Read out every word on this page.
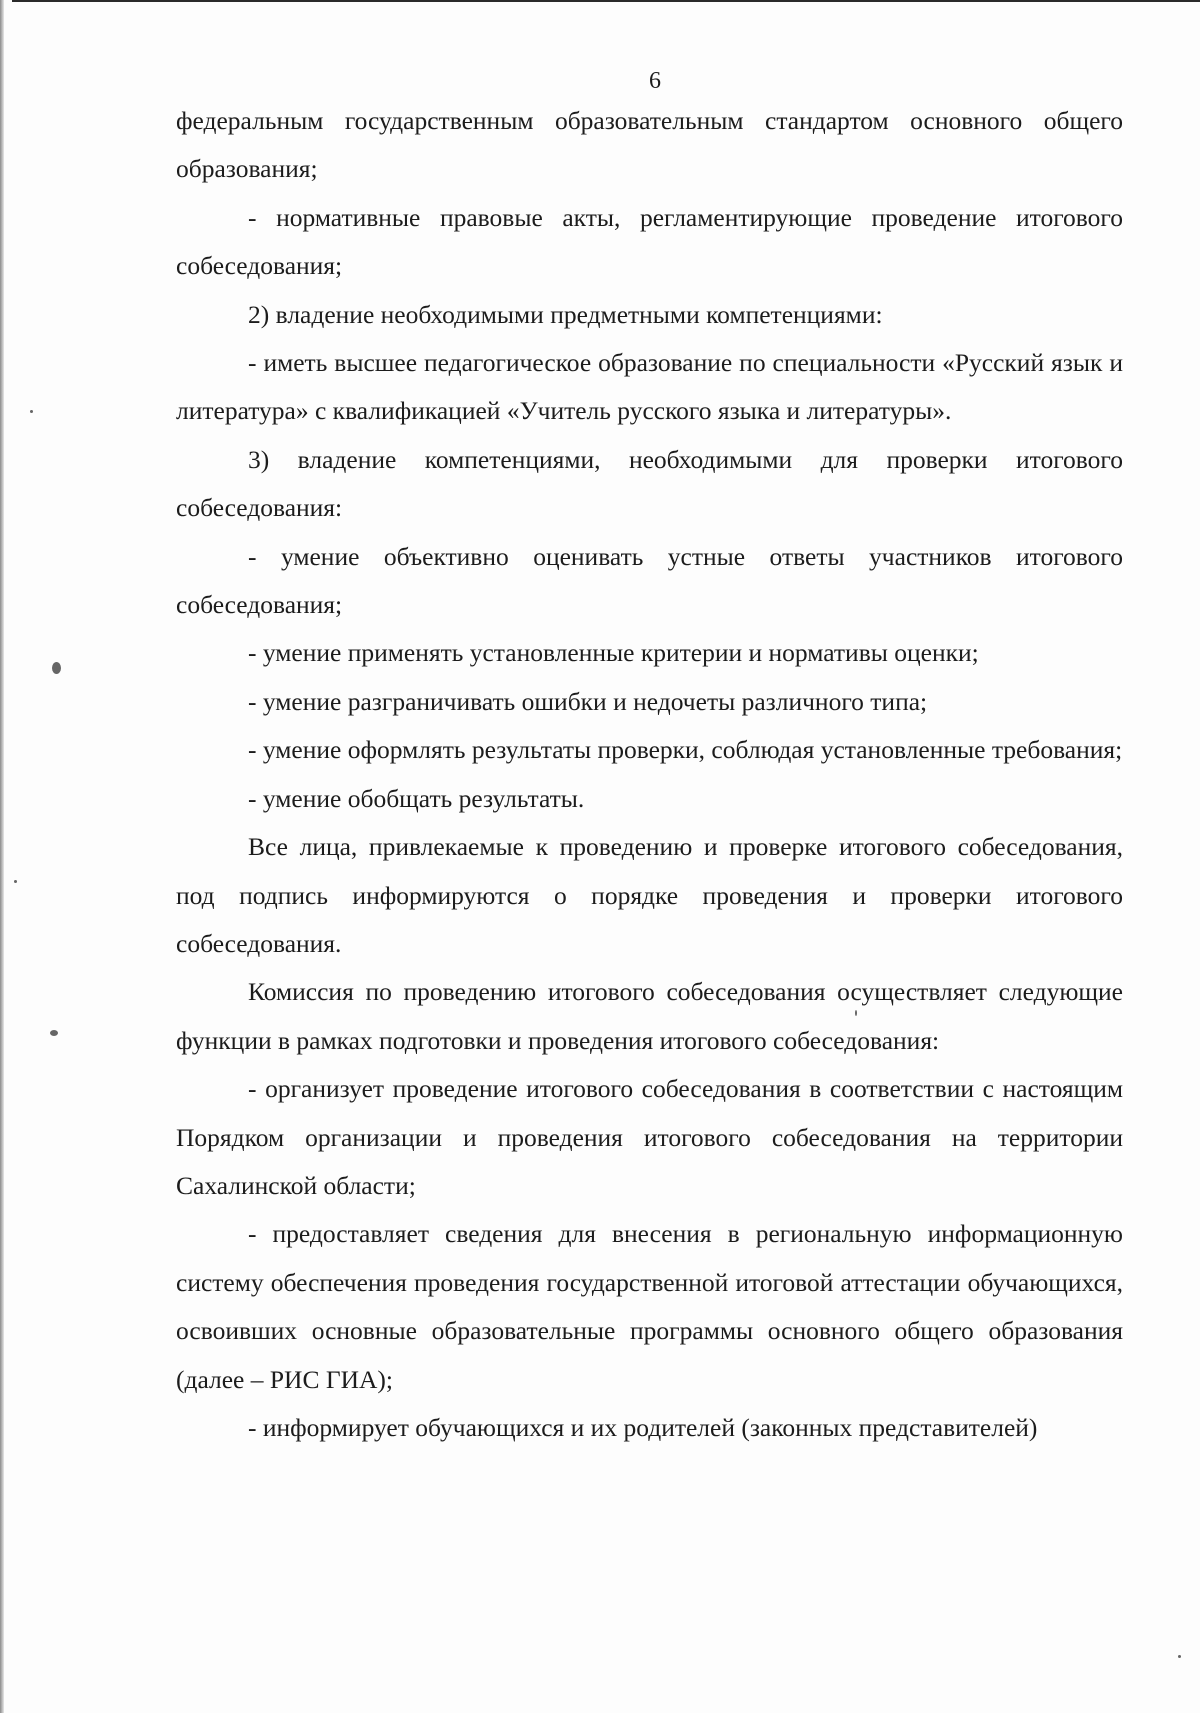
6

федеральным государственным образовательным стандартом основного общего образования;

- нормативные правовые акты, регламентирующие проведение итогового собеседования;

2) владение необходимыми предметными компетенциями:

- иметь высшее педагогическое образование по специальности «Русский язык и литература» с квалификацией «Учитель русского языка и литературы».

3) владение компетенциями, необходимыми для проверки итогового собеседования:

- умение объективно оценивать устные ответы участников итогового собеседования;

- умение применять установленные критерии и нормативы оценки;

- умение разграничивать ошибки и недочеты различного типа;

- умение оформлять результаты проверки, соблюдая установленные требования;

- умение обобщать результаты.

Все лица, привлекаемые к проведению и проверке итогового собеседования, под подпись информируются о порядке проведения и проверки итогового собеседования.

Комиссия по проведению итогового собеседования осуществляет следующие функции в рамках подготовки и проведения итогового собеседования:

- организует проведение итогового собеседования в соответствии с настоящим Порядком организации и проведения итогового собеседования на территории Сахалинской области;

- предоставляет сведения для внесения в региональную информационную систему обеспечения проведения государственной итоговой аттестации обучающихся, освоивших основные образовательные программы основного общего образования (далее – РИС ГИА);

- информирует обучающихся и их родителей (законных представителей)
